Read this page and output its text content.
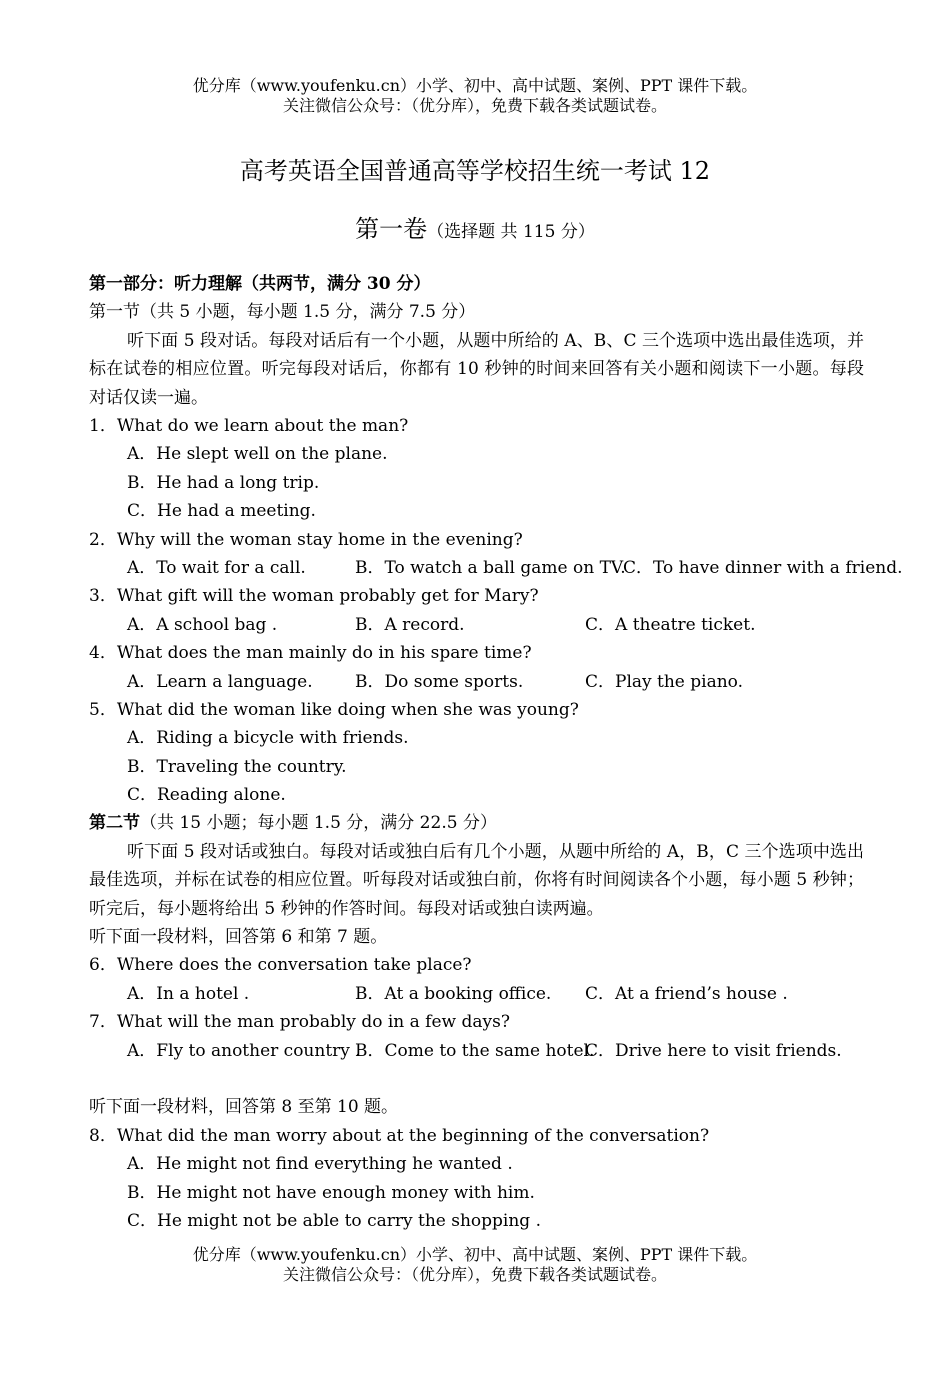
优分库（www.youfenku.cn）小学、初中、高中试题、案例、PPT 课件下载。
关注微信公众号：（优分库），免费下载各类试题试卷。
高考英语全国普通高等学校招生统一考试 12
第一卷（选择题 共 115 分）
第一部分：听力理解（共两节，满分 30 分）
第一节（共 5 小题，每小题 1.5 分，满分 7.5 分）
听下面 5 段对话。每段对话后有一个小题，从题中所给的 A、B、C 三个选项中选出最佳选项，并标在试卷的相应位置。听完每段对话后，你都有 10 秒钟的时间来回答有关小题和阅读下一小题。每段对话仅读一遍。
1．What do we learn about the man?
A．He slept well on the plane.
B．He had a long trip.
C．He had a meeting.
2．Why will the woman stay home in the evening?
A．To wait for a call.	B．To watch a ball game on TV.
C．To have dinner with a friend.
3．What gift will the woman probably get for Mary?
A．A school bag .	B．A record.	C．A theatre ticket.
4．What does the man mainly do in his spare time?
A．Learn a language. B．Do some sports.	C．Play the piano.
5．What did the woman like doing when she was young?
A．Riding a bicycle with friends.
B．Traveling the country.
C．Reading alone.
第二节（共 15 小题；每小题 1.5 分，满分 22.5 分）
听下面 5 段对话或独白。每段对话或独白后有几个小题，从题中所给的 A，B，C 三个选项中选出最佳选项，并标在试卷的相应位置。听每段对话或独白前，你将有时间阅读各个小题，每小题 5 秒钟；听完后，每小题将给出 5 秒钟的作答时间。每段对话或独白读两遍。
听下面一段材料，回答第 6 和第 7 题。
6．Where does the conversation take place?
A．In a hotel .	B．At a booking office. C．At a friend’s house .
7．What will the man probably do in a few days?
A．Fly to another country .
B．Come to the same hotel.
C．Drive here to visit friends.
听下面一段材料，回答第 8 至第 10 题。
8．What did the man worry about at the beginning of the conversation?
A．He might not find everything he wanted .
B．He might not have enough money with him.
C．He might not be able to carry the shopping .
优分库（www.youfenku.cn）小学、初中、高中试题、案例、PPT 课件下载。
关注微信公众号：（优分库），免费下载各类试题试卷。
